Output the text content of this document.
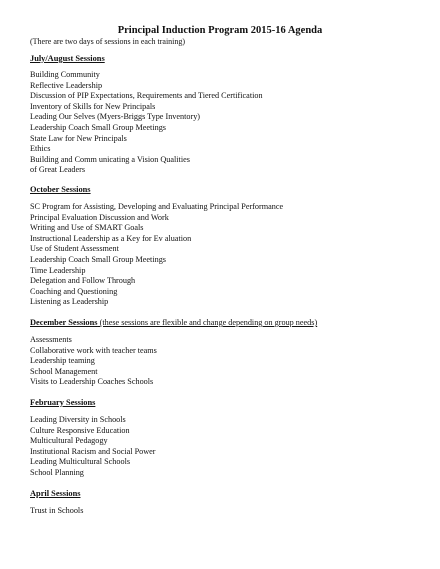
Principal Induction Program 2015-16 Agenda

(There are two days of sessions in each training)

July/August Sessions

Building Community
Reflective Leadership
Discussion of PIP Expectations, Requirements and Tiered Certification
Inventory of Skills for New Principals
Leading Our Selves (Myers-Briggs Type Inventory)
Leadership Coach Small Group Meetings
State Law for New Principals
Ethics
Building and Comm unicating a Vision Qualities
of Great Leaders

October Sessions

SC Program for Assisting, Developing and Evaluating Principal Performance
Principal Evaluation Discussion and Work
Writing and Use of SMART Goals
Instructional Leadership as a Key for Ev aluation
Use of Student Assessment
Leadership Coach Small Group Meetings
Time Leadership
Delegation and Follow Through
Coaching and Questioning
Listening as Leadership

December Sessions (these sessions are flexible and change depending on group needs)

Assessments
Collaborative work with teacher teams
Leadership teaming
School Management
Visits to Leadership Coaches Schools

February Sessions

Leading Diversity in Schools
Culture Responsive Education
Multicultural Pedagogy
Institutional Racism and Social Power
Leading Multicultural Schools
School Planning

April Sessions

Trust in Schools
